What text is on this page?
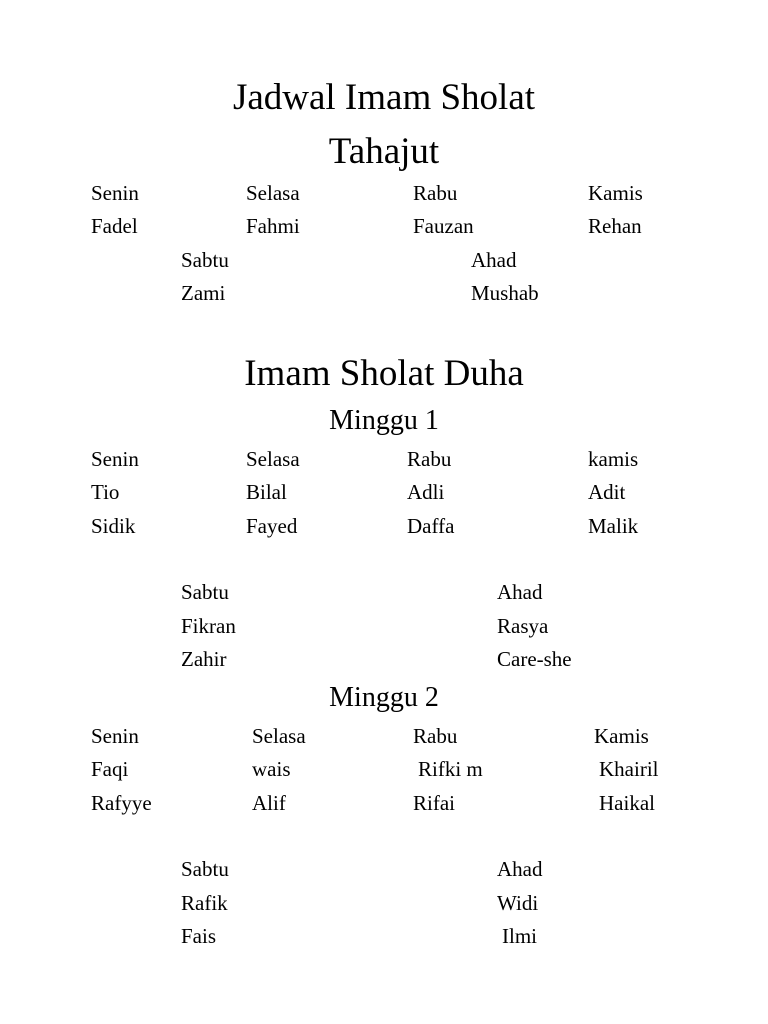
Jadwal Imam Sholat
Tahajut
Senin	Selasa	Rabu	Kamis
Fadel	Fahmi	Fauzan	Rehan
Sabtu	Ahad
Zami	Mushab
Imam Sholat Duha
Minggu 1
Senin	Selasa	Rabu	kamis
Tio	Bilal	Adli	Adit
Sidik	Fayed	Daffa	Malik
Sabtu	Ahad
Fikran	Rasya
Zahir	Care-she
Minggu 2
Senin	Selasa	Rabu	Kamis
Faqi	wais	Rifki m	Khairil
Rafyye	Alif	Rifai	Haikal
Sabtu	Ahad
Rafik	Widi
Fais	Ilmi
